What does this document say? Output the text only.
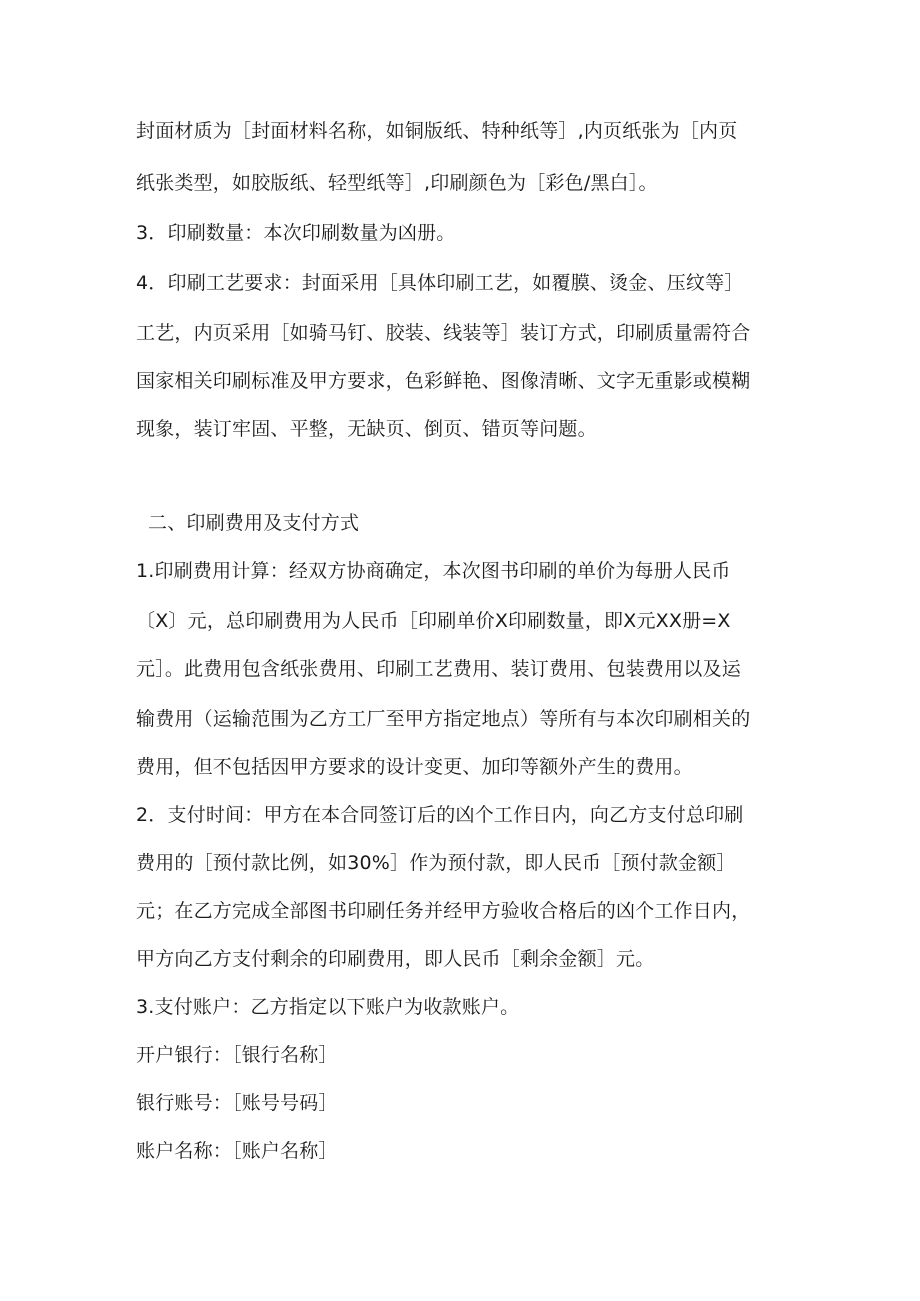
封面材质为［封面材料名称，如铜版纸、特种纸等］,内页纸张为［内页
纸张类型，如胶版纸、轻型纸等］,印刷颜色为［彩色/黑白］。
3．印刷数量：本次印刷数量为凶册。
4．印刷工艺要求：封面采用［具体印刷工艺，如覆膜、烫金、压纹等］
工艺，内页采用［如骑马钉、胶装、线装等］装订方式，印刷质量需符合
国家相关印刷标准及甲方要求，色彩鲜艳、图像清晰、文字无重影或模糊
现象，装订牢固、平整，无缺页、倒页、错页等问题。
二、印刷费用及支付方式
1.印刷费用计算：经双方协商确定，本次图书印刷的单价为每册人民币
〔X〕元，总印刷费用为人民币［印刷单价X印刷数量，即X元XX册=X
元］。此费用包含纸张费用、印刷工艺费用、装订费用、包装费用以及运
输费用（运输范围为乙方工厂至甲方指定地点）等所有与本次印刷相关的
费用，但不包括因甲方要求的设计变更、加印等额外产生的费用。
2．支付时间：甲方在本合同签订后的凶个工作日内，向乙方支付总印刷
费用的［预付款比例，如30%］作为预付款，即人民币［预付款金额］
元；在乙方完成全部图书印刷任务并经甲方验收合格后的凶个工作日内，
甲方向乙方支付剩余的印刷费用，即人民币［剩余金额］元。
3.支付账户：乙方指定以下账户为收款账户。
开户银行：［银行名称］
银行账号：［账号号码］
账户名称：［账户名称］
